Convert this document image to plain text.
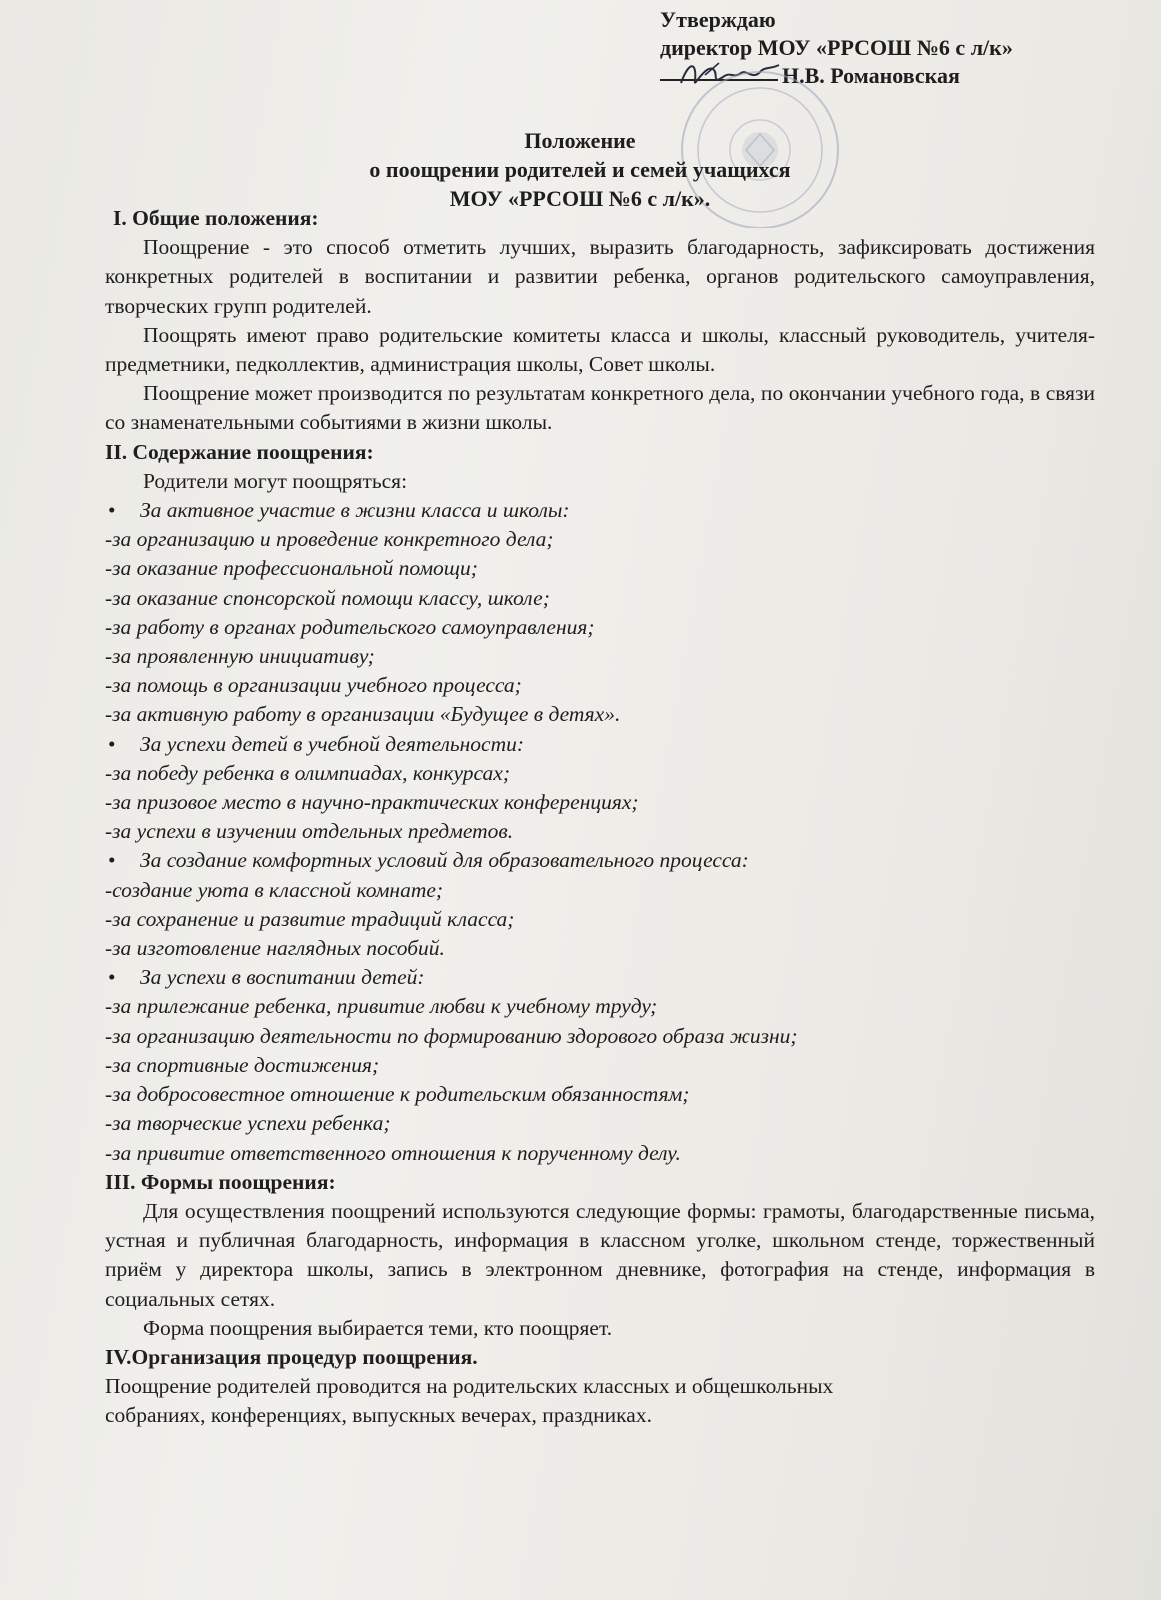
Утверждаю
директор МОУ «РРСОШ №6 с л/к»
Н.В. Романовская
Положение
о поощрении родителей и семей учащихся
МОУ «РРСОШ №6 с л/к».
I. Общие положения:

Поощрение - это способ отметить лучших, выразить благодарность, зафиксировать достижения конкретных родителей в воспитании и развитии ребенка, органов родительского самоуправления, творческих групп родителей.

Поощрять имеют право родительские комитеты класса и школы, классный руководитель, учителя-предметники, педколлектив, администрация школы, Совет школы.

Поощрение может производится по результатам конкретного дела, по окончании учебного года, в связи со знаменательными событиями в жизни школы.

II. Содержание поощрения:
Родители могут поощряться:
• За активное участие в жизни класса и школы:
-за организацию и проведение конкретного дела;
-за оказание профессиональной помощи;
-за оказание спонсорской помощи классу, школе;
-за работу в органах родительского самоуправления;
-за проявленную инициативу;
-за помощь в организации учебного процесса;
-за активную работу в организации «Будущее в детях».
• За успехи детей в учебной деятельности:
-за победу ребенка в олимпиадах, конкурсах;
-за призовое место в научно-практических конференциях;
-за успехи в изучении отдельных предметов.
• За создание комфортных условий для образовательного процесса:
-создание уюта в классной комнате;
-за сохранение и развитие традиций класса;
-за изготовление наглядных пособий.
• За успехи в воспитании детей:
-за прилежание ребенка, привитие любви к учебному труду;
-за организацию деятельности по формированию здорового образа жизни;
-за спортивные достижения;
-за добросовестное отношение к родительским обязанностям;
-за творческие успехи ребенка;
-за привитие ответственного отношения к порученному делу.
III. Формы поощрения:

Для осуществления поощрений используются следующие формы: грамоты, благодарственные письма, устная и публичная благодарность, информация в классном уголке, школьном стенде, торжественный приём у директора школы, запись в электронном дневнике, фотография на стенде, информация в социальных сетях.

Форма поощрения выбирается теми, кто поощряет.

IV.Организация процедур поощрения.
Поощрение родителей проводится на родительских классных и общешкольных
собраниях, конференциях, выпускных вечерах, праздниках.
